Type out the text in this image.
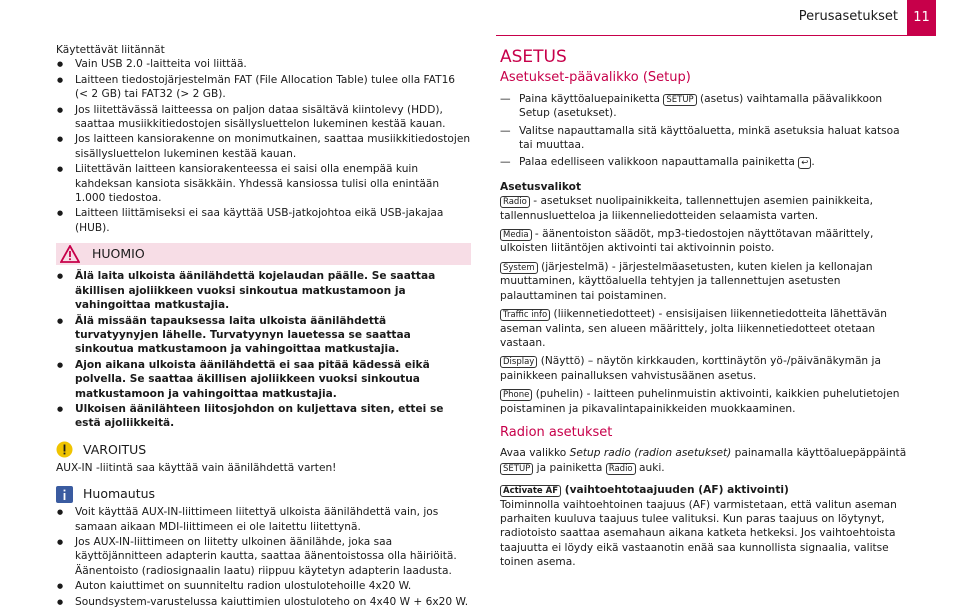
Perusasetukset	11

Käytettävät liitännät

● Vain USB 2.0 -laitteita voi liittää.
● Laitteen tiedostojärjestelmän FAT (File Allocation Table) tulee olla FAT16 (< 2 GB) tai FAT32 (> 2 GB).
● Jos liitettävässä laitteessa on paljon dataa sisältävä kiintolevy (HDD), saattaa musiikkitiedostojen sisällysluettelon lukeminen kestää kauan.
● Jos laitteen kansiorakenne on monimutkainen, saattaa musiikkitiedostojen sisällysluettelon lukeminen kestää kauan.
● Liitettävän laitteen kansiorakenteessa ei saisi olla enempää kuin kahdeksan kansiota sisäkkäin. Yhdessä kansiossa tulisi olla enintään 1.000 tiedostoa.
● Laitteen liittämiseksi ei saa käyttää USB-jatkojohtoa eikä USB-jakajaa (HUB).
HUOMIO
● Älä laita ulkoista äänilähdettä kojelaudan päälle. Se saattaa äkillisen ajoliikkeen vuoksi sinkoutua matkustamoon ja vahingoittaa matkustajia.
● Älä missään tapauksessa laita ulkoista äänilähdettä turvatyynyjen lähelle. Turvatyynyn lauetessa se saattaa sinkoutua matkustamoon ja vahingoittaa matkustajia.
● Ajon aikana ulkoista äänilähdettä ei saa pitää kädessä eikä polvella. Se saattaa äkillisen ajoliikkeen vuoksi sinkoutua matkustamoon ja vahingoittaa matkustajia.
● Ulkoisen äänilähteen liitosjohdon on kuljettava siten, ettei se estä ajoliikkeitä.
VAROITUS

AUX-IN -liitintä saa käyttää vain äänilähdettä varten!

Huomautus
● Voit käyttää AUX-IN-liittimeen liitettyä ulkoista äänilähdettä vain, jos samaan aikaan MDI-liittimeen ei ole laitettu liitettynä.
● Jos AUX-IN-liittimeen on liitetty ulkoinen äänilähde, joka saa käyttöjännitteen adapterin kautta, saattaa äänentoistossa olla häiriöitä. Äänentoisto (radiosignaalin laatu) riippuu käytetyn adapterin laadusta.
● Auton kaiuttimet on suunniteltu radion ulostulotehoille 4x20 W.
● Soundsystem-varustelussa kaiuttimien ulostuloteho on 4x40 W + 6x20 W.
ASETUS
Asetukset-päävalikko (Setup)
— Paina käyttöaluepainiketta SETUP (asetus) vaihtamalla päävalikkoon Setup (asetukset).
— Valitse napauttamalla sitä käyttöaluetta, minkä asetuksia haluat katsoa tai muuttaa.
— Palaa edelliseen valikkoon napauttamalla painiketta ↩ .

Asetusvalikot

Radio - asetukset nuolipainikkeita, tallennettujen asemien painikkeita, tallennusluetteloa ja liikenneliedotteiden selaamista varten.

Media - äänentoiston säädöt, mp3-tiedostojen näyttötavan määrittely, ulkoisten liitäntöjen aktivointi tai aktivoinnin poisto.

System (järjestelmä) - järjestelmäasetusten, kuten kielen ja kellonajan muuttaminen, käyttöaluella tehtyjen ja tallennettujen asetusten palauttaminen tai poistaminen.

Traffic info (liikennetiedotteet) - ensisijaisen liikennetiedotteita lähettävän aseman valinta, sen alueen määrittely, jolta liikennetiedotteet otetaan vastaan.

Display (Näyttö) – näytön kirkkauden, korttinäytön yö-/päivänäkymän ja painikkeen painalluksen vahvistusäänen asetus.

Phone (puhelin) - laitteen puhelinmuistin aktivointi, kaikkien puhelutietojen poistaminen ja pikavalintapainikkeiden muokkaaminen.

Radion asetukset

Avaa valikko Setup radio (radion asetukset) painamalla käyttöaluepäppäintä SETUP ja painiketta Radio auki.

Activate AF (vaihtoehtotaajuuden (AF) aktivointi)

Toiminnolla vaihtoehtoinen taajuus (AF) varmistetaan, että valitun aseman parhaiten kuuluva taajuus tulee valituksi. Kun paras taajuus on löytynyt, radiotoisto saattaa asemahaun aikana katketa hetkeksi. Jos vaihtoehtoista taajuutta ei löydy eikä vastaanotin enää saa kunnollista signaalia, valitse toinen asema.
